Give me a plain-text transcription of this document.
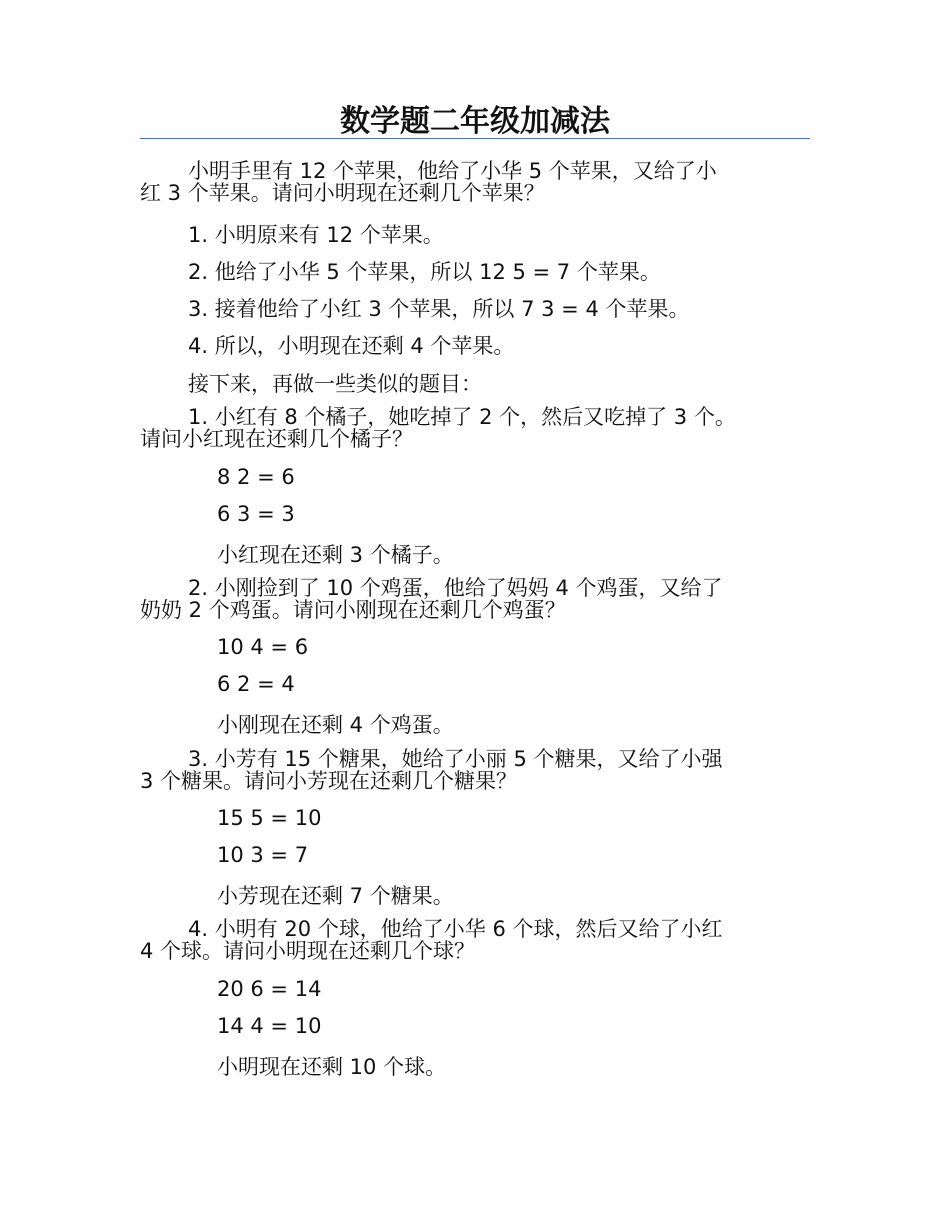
数学题二年级加减法
小明手里有 12 个苹果，他给了小华 5 个苹果，又给了小
红 3 个苹果。请问小明现在还剩几个苹果？

1. 小明原来有 12 个苹果。

2. 他给了小华 5 个苹果，所以 12 5 = 7 个苹果。

3. 接着他给了小红 3 个苹果，所以 7 3 = 4 个苹果。

4. 所以，小明现在还剩 4 个苹果。

接下来，再做一些类似的题目：

1. 小红有 8 个橘子，她吃掉了 2 个，然后又吃掉了 3 个。
请问小红现在还剩几个橘子？

8 2 = 6

6 3 = 3

小红现在还剩 3 个橘子。

2. 小刚捡到了 10 个鸡蛋，他给了妈妈 4 个鸡蛋，又给了
奶奶 2 个鸡蛋。请问小刚现在还剩几个鸡蛋？

10 4 = 6

6 2 = 4

小刚现在还剩 4 个鸡蛋。

3. 小芳有 15 个糖果，她给了小丽 5 个糖果，又给了小强
3 个糖果。请问小芳现在还剩几个糖果？

15 5 = 10

10 3 = 7

小芳现在还剩 7 个糖果。

4. 小明有 20 个球，他给了小华 6 个球，然后又给了小红
4 个球。请问小明现在还剩几个球？

20 6 = 14

14 4 = 10

小明现在还剩 10 个球。
